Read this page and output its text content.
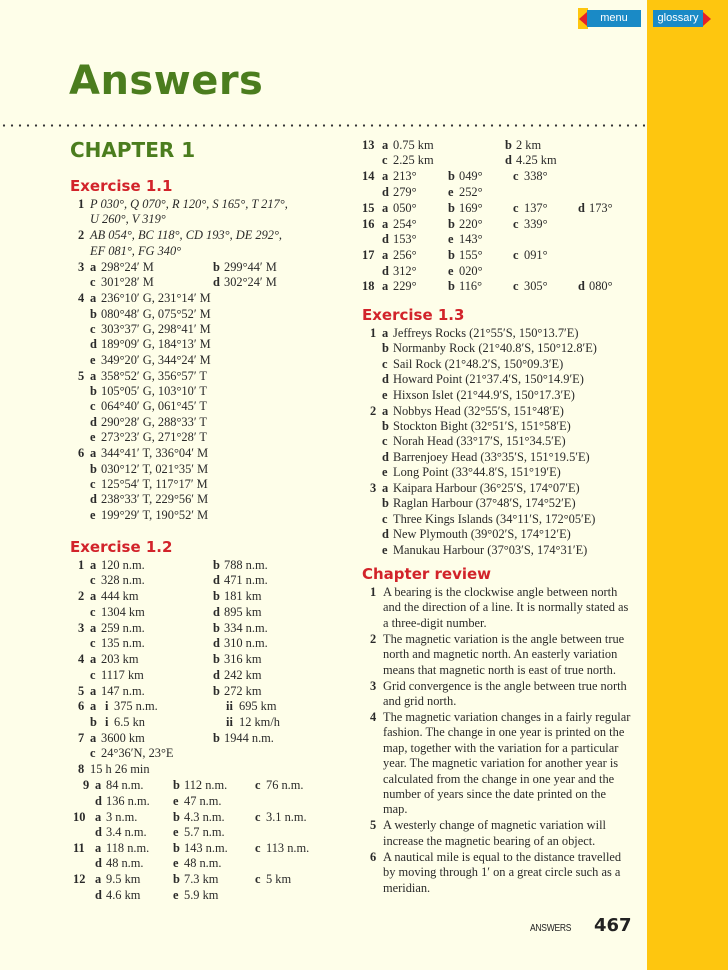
menu	glossary
Answers
CHAPTER 1
Exercise 1.1
1 P 030°, Q 070°, R 120°, S 165°, T 217°,
U 260°, V 319°
2 AB 054°, BC 118°, CD 193°, DE 292°,
EF 081°, FG 340°
3 a 298°24′ M	b 299°44′ M
c 301°28′ M	d 302°24′ M
4 a 236°10′ G, 231°14′ M
b 080°48′ G, 075°52′ M
c 303°37′ G, 298°41′ M
d 189°09′ G, 184°13′ M
e 349°20′ G, 344°24′ M
5 a 358°52′ G, 356°57′ T
b 105°05′ G, 103°10′ T
c 064°40′ G, 061°45′ T
d 290°28′ G, 288°33′ T
e 273°23′ G, 271°28′ T
6 a 344°41′ T, 336°04′ M
b 030°12′ T, 021°35′ M
c 125°54′ T, 117°17′ M
d 238°33′ T, 229°56′ M
e 199°29′ T, 190°52′ M
Exercise 1.2
1 a 120 n.m.	b 788 n.m.
c 328 n.m.	d 471 n.m.
2 a 444 km	b 181 km
c 1304 km	d 895 km
3 a 259 n.m.	b 334 n.m.
c 135 n.m.	d 310 n.m.
4 a 203 km	b 316 km
c 1117 km	d 242 km
5 a 147 n.m.	b 272 km
6 a i 375 n.m.	ii 695 km
b i 6.5 kn	ii 12 km/h
7 a 3600 km	b 1944 n.m.
c 24°36′N, 23°E
8 15 h 26 min
9 a 84 n.m. b 112 n.m. c 76 n.m.
d 136 n.m. e 47 n.m.
10 a 3 n.m.	b 4.3 n.m. c 3.1 n.m.
d 3.4 n.m. e 5.7 n.m.
11 a 118 n.m. b 143 n.m. c 113 n.m.
d 48 n.m. e 48 n.m.
12 a 9.5 km	b 7.3 km	c 5 km
d 4.6 km	e 5.9 km
13 a 0.75 km	b 2 km
c 2.25 km	d 4.25 km
14 a 213°	b 049° c 338°
d 279°	e 252°
15 a 050°	b 169° c 137° d 173°
16 a 254°	b 220° c 339°
d 153°	e 143°
17 a 256°	b 155° c 091°
d 312°	e 020°
18 a 229°	b 116° c 305° d 080°
Exercise 1.3
1 a Jeffreys Rocks (21°55′S, 150°13.7′E)
b Normanby Rock (21°40.8′S, 150°12.8′E)
c Sail Rock (21°48.2′S, 150°09.3′E)
d Howard Point (21°37.4′S, 150°14.9′E)
e Hixson Islet (21°44.9′S, 150°17.3′E)
2 a Nobbys Head (32°55′S, 151°48′E)
b Stockton Bight (32°51′S, 151°58′E)
c Norah Head (33°17′S, 151°34.5′E)
d Barrenjoey Head (33°35′S, 151°19.5′E)
e Long Point (33°44.8′S, 151°19′E)
3 a Kaipara Harbour (36°25′S, 174°07′E)
b Raglan Harbour (37°48′S, 174°52′E)
c Three Kings Islands (34°11′S, 172°05′E)
d New Plymouth (39°02′S, 174°12′E)
e Manukau Harbour (37°03′S, 174°31′E)
Chapter review
1 A bearing is the clockwise angle between north and the direction of a line. It is normally stated as a three-digit number.
2 The magnetic variation is the angle between true north and magnetic north. An easterly variation means that magnetic north is east of true north.
3 Grid convergence is the angle between true north and grid north.
4 The magnetic variation changes in a fairly regular fashion. The change in one year is printed on the map, together with the variation for a particular year. The magnetic variation for another year is calculated from the change in one year and the number of years since the date printed on the map.
5 A westerly change of magnetic variation will increase the magnetic bearing of an object.
6 A nautical mile is equal to the distance travelled by moving through 1′ on a great circle such as a meridian.
ANSWERS 467
